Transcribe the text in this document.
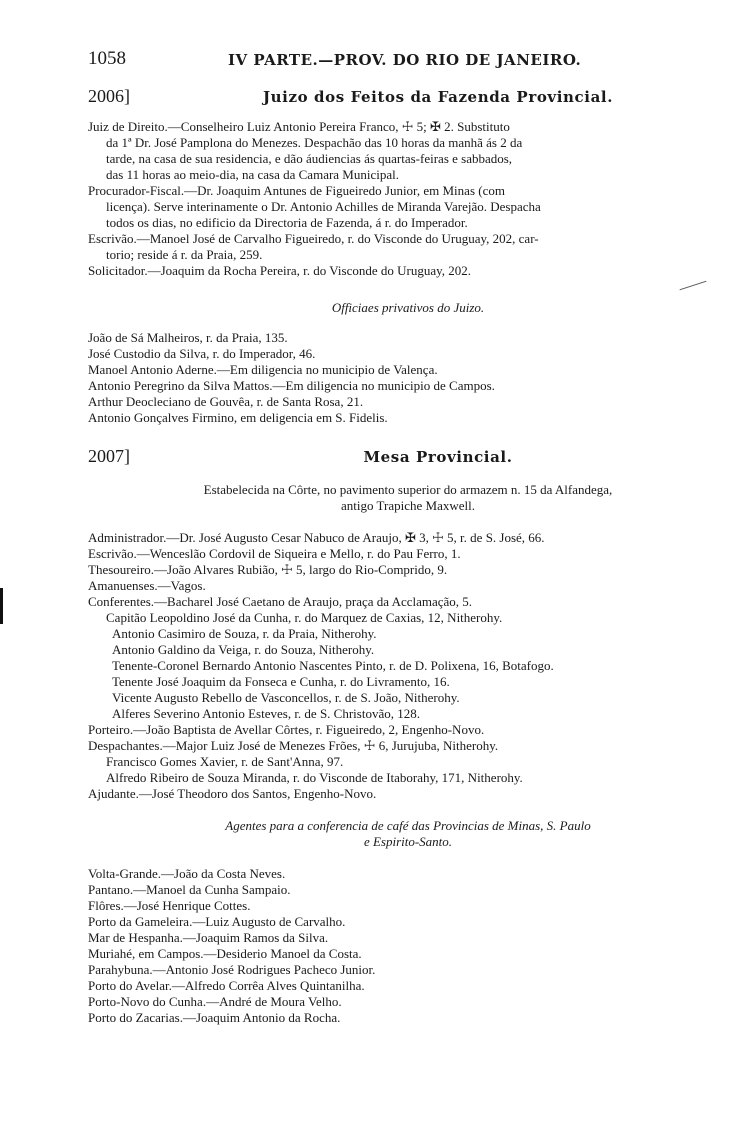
1058	IV PARTE.—PROV. DO RIO DE JANEIRO.
2006]	Juizo dos Feitos da Fazenda Provincial.
Juiz de Direito.—Conselheiro Luiz Antonio Pereira Franco, ☩ 5; ✠ 2. Substituto
da 1ª Dr. José Pamplona do Menezes. Despachão das 10 horas da manhã ás 2 da
tarde, na casa de sua residencia, e dão áudiencias ás quartas-feiras e sabbados,
das 11 horas ao meio-dia, na casa da Camara Municipal.
Procurador-Fiscal.—Dr. Joaquim Antunes de Figueiredo Junior, em Minas (com
licença). Serve interinamente o Dr. Antonio Achilles de Miranda Varejão. Despacha
todos os dias, no edificio da Directoria de Fazenda, á r. do Imperador.
Escrivão.—Manoel José de Carvalho Figueiredo, r. do Visconde do Uruguay, 202, car-
torio; reside á r. da Praia, 259.
Solicitador.—Joaquim da Rocha Pereira, r. do Visconde do Uruguay, 202.
Officiaes privativos do Juizo.
João de Sá Malheiros, r. da Praia, 135.
José Custodio da Silva, r. do Imperador, 46.
Manoel Antonio Aderne.—Em diligencia no municipio de Valença.
Antonio Peregrino da Silva Mattos.—Em diligencia no municipio de Campos.
Arthur Deocleciano de Gouvêa, r. de Santa Rosa, 21.
Antonio Gonçalves Firmino, em deligencia em S. Fidelis.
2007]	Mesa Provincial.
Estabelecida na Côrte, no pavimento superior do armazem n. 15 da Alfandega,
antigo Trapiche Maxwell.
Administrador.—Dr. José Augusto Cesar Nabuco de Araujo, ✠ 3, ☩ 5, r. de S. José, 66.
Escrivão.—Wenceslão Cordovil de Siqueira e Mello, r. do Pau Ferro, 1.
Thesoureiro.—João Alvares Rubião, ☩ 5, largo do Rio-Comprido, 9.
Amanuenses.—Vagos.
Conferentes.—Bacharel José Caetano de Araujo, praça da Acclamação, 5.
Capitão Leopoldino José da Cunha, r. do Marquez de Caxias, 12, Nitherohy.
Antonio Casimiro de Souza, r. da Praia, Nitherohy.
Antonio Galdino da Veiga, r. do Souza, Nitherohy.
Tenente-Coronel Bernardo Antonio Nascentes Pinto, r. de D. Polixena, 16, Botafogo.
Tenente José Joaquim da Fonseca e Cunha, r. do Livramento, 16.
Vicente Augusto Rebello de Vasconcellos, r. de S. João, Nitherohy.
Alferes Severino Antonio Esteves, r. de S. Christovão, 128.
Porteiro.—João Baptista de Avellar Côrtes, r. Figueiredo, 2, Engenho-Novo.
Despachantes.—Major Luiz José de Menezes Frões, ☩ 6, Jurujuba, Nitherohy.
Francisco Gomes Xavier, r. de Sant'Anna, 97.
Alfredo Ribeiro de Souza Miranda, r. do Visconde de Itaborahy, 171, Nitherohy.
Ajudante.—José Theodoro dos Santos, Engenho-Novo.
Agentes para a conferencia de café das Provincias de Minas, S. Paulo
e Espirito-Santo.
Volta-Grande.—João da Costa Neves.
Pantano.—Manoel da Cunha Sampaio.
Flôres.—José Henrique Cottes.
Porto da Gameleira.—Luiz Augusto de Carvalho.
Mar de Hespanha.—Joaquim Ramos da Silva.
Muriahé, em Campos.—Desiderio Manoel da Costa.
Parahybuna.—Antonio José Rodrigues Pacheco Junior.
Porto do Avelar.—Alfredo Corrêa Alves Quintanilha.
Porto-Novo do Cunha.—André de Moura Velho.
Porto do Zacarias.—Joaquim Antonio da Rocha.
